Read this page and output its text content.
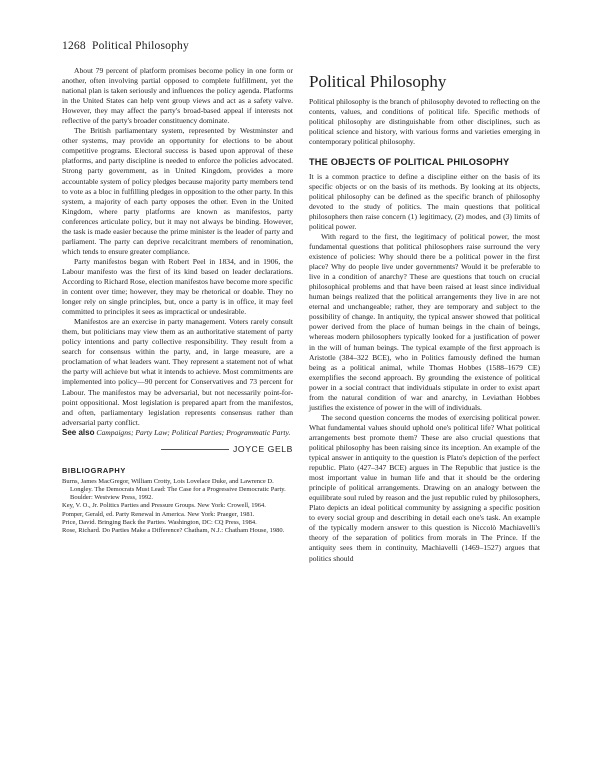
1268 Political Philosophy

About 79 percent of platform promises become policy in one form or another, often involving partial opposed to complete fulfillment, yet the national plan is taken seriously and influences the policy agenda. Platforms in the United States can help vent group views and act as a safety valve. However, they may affect the party's broad-based appeal if interests not reflective of the party's broader constituency dominate.

The British parliamentary system, represented by Westminster and other systems, may provide an opportunity for elections to be about competitive programs. Electoral success is based upon approval of these platforms, and party discipline is needed to enforce the policies advocated. Strong party government, as in United Kingdom, provides a more accountable system of policy pledges because majority party members tend to vote as a bloc in fulfilling pledges in opposition to the other party. In this system, a majority of each party opposes the other. Even in the United Kingdom, where party platforms are known as manifestos, party conferences articulate policy, but it may not always be binding. However, the task is made easier because the prime minister is the leader of party and parliament. The party can deprive recalcitrant members of renomination, which tends to ensure greater compliance.

Party manifestos began with Robert Peel in 1834, and in 1906, the Labour manifesto was the first of its kind based on leader declarations. According to Richard Rose, election manifestos have become more specific in content over time; however, they may be rhetorical or doable. They no longer rely on single principles, but, once a party is in office, it may feel committed to principles it sees as impractical or undesirable.

Manifestos are an exercise in party management. Voters rarely consult them, but politicians may view them as an authoritative statement of party policy intentions and party collective responsibility. They result from a search for consensus within the party, and, in large measure, are a proclamation of what leaders want. They represent a statement not of what the party will achieve but what it intends to achieve. Most commitments are implemented into policy—90 percent for Conservatives and 73 percent for Labour. The manifestos may be adversarial, but not necessarily point-for-point oppositional. Most legislation is prepared apart from the manifestos, and often, parliamentary legislation represents consensus rather than adversarial party conflict.

See also Campaigns; Party Law; Political Parties; Programmatic Party.

JOYCE GELB
BIBLIOGRAPHY
Burns, James MacGregor, William Crotty, Lois Lovelace Duke, and Lawrence D. Longley. The Democrats Must Lead: The Case for a Progressive Democratic Party. Boulder: Westview Press, 1992.
Key, V. O., Jr. Politics Parties and Pressure Groups. New York: Crowell, 1964.
Pomper, Gerald, ed. Party Renewal in America. New York: Praeger, 1981.
Price, David. Bringing Back the Parties. Washington, DC: CQ Press, 1984.
Rose, Richard. Do Parties Make a Difference? Chatham, N.J.: Chatham House, 1980.
Political Philosophy

Political philosophy is the branch of philosophy devoted to reflecting on the contents, values, and conditions of political life. Specific methods of political philosophy are distinguishable from other disciplines, such as political science and history, with various forms and varieties emerging in contemporary political philosophy.

THE OBJECTS OF POLITICAL PHILOSOPHY

It is a common practice to define a discipline either on the basis of its specific objects or on the basis of its methods. By looking at its objects, political philosophy can be defined as the specific branch of philosophy devoted to the study of politics. The main questions that political philosophers then raise concern (1) legitimacy, (2) modes, and (3) limits of political power.

With regard to the first, the legitimacy of political power, the most fundamental questions that political philosophers raise surround the very existence of policies: Why should there be a political power in the first place? Why do people live under governments? Would it be preferable to live in a condition of anarchy? These are questions that touch on crucial philosophical problems and that have been raised at least since individual human beings realized that the political arrangements they live in are not eternal and unchangeable; rather, they are temporary and subject to the possibility of change. In antiquity, the typical answer showed that political power derived from the place of human beings in the chain of beings, whereas modern philosophers typically looked for a justification of power in the will of human beings. The typical example of the first approach is Aristotle (384–322 BCE), who in Politics famously defined the human being as a political animal, while Thomas Hobbes (1588–1679 CE) exemplifies the second approach. By grounding the existence of political power in a social contract that individuals stipulate in order to exist apart from the natural condition of war and anarchy, in Leviathan Hobbes justifies the existence of power in the will of individuals.

The second question concerns the modes of exercising political power. What fundamental values should uphold one's political life? What political arrangements best promote them? These are also crucial questions that political philosophy has been raising since its inception. An example of the typical answer in antiquity to the question is Plato's depiction of the perfect republic. Plato (427–347 BCE) argues in The Republic that justice is the most important value in human life and that it should be the ordering principle of political arrangements. Drawing on an analogy between the equilibrate soul ruled by reason and the just republic ruled by philosophers, Plato depicts an ideal political community by assigning a specific position to every social group and describing in detail each one's task. An example of the typically modern answer to this question is Niccolò Machiavelli's theory of the separation of politics from morals in The Prince. If the antiquity sees them in continuity, Machiavelli (1469–1527) argues that politics should
